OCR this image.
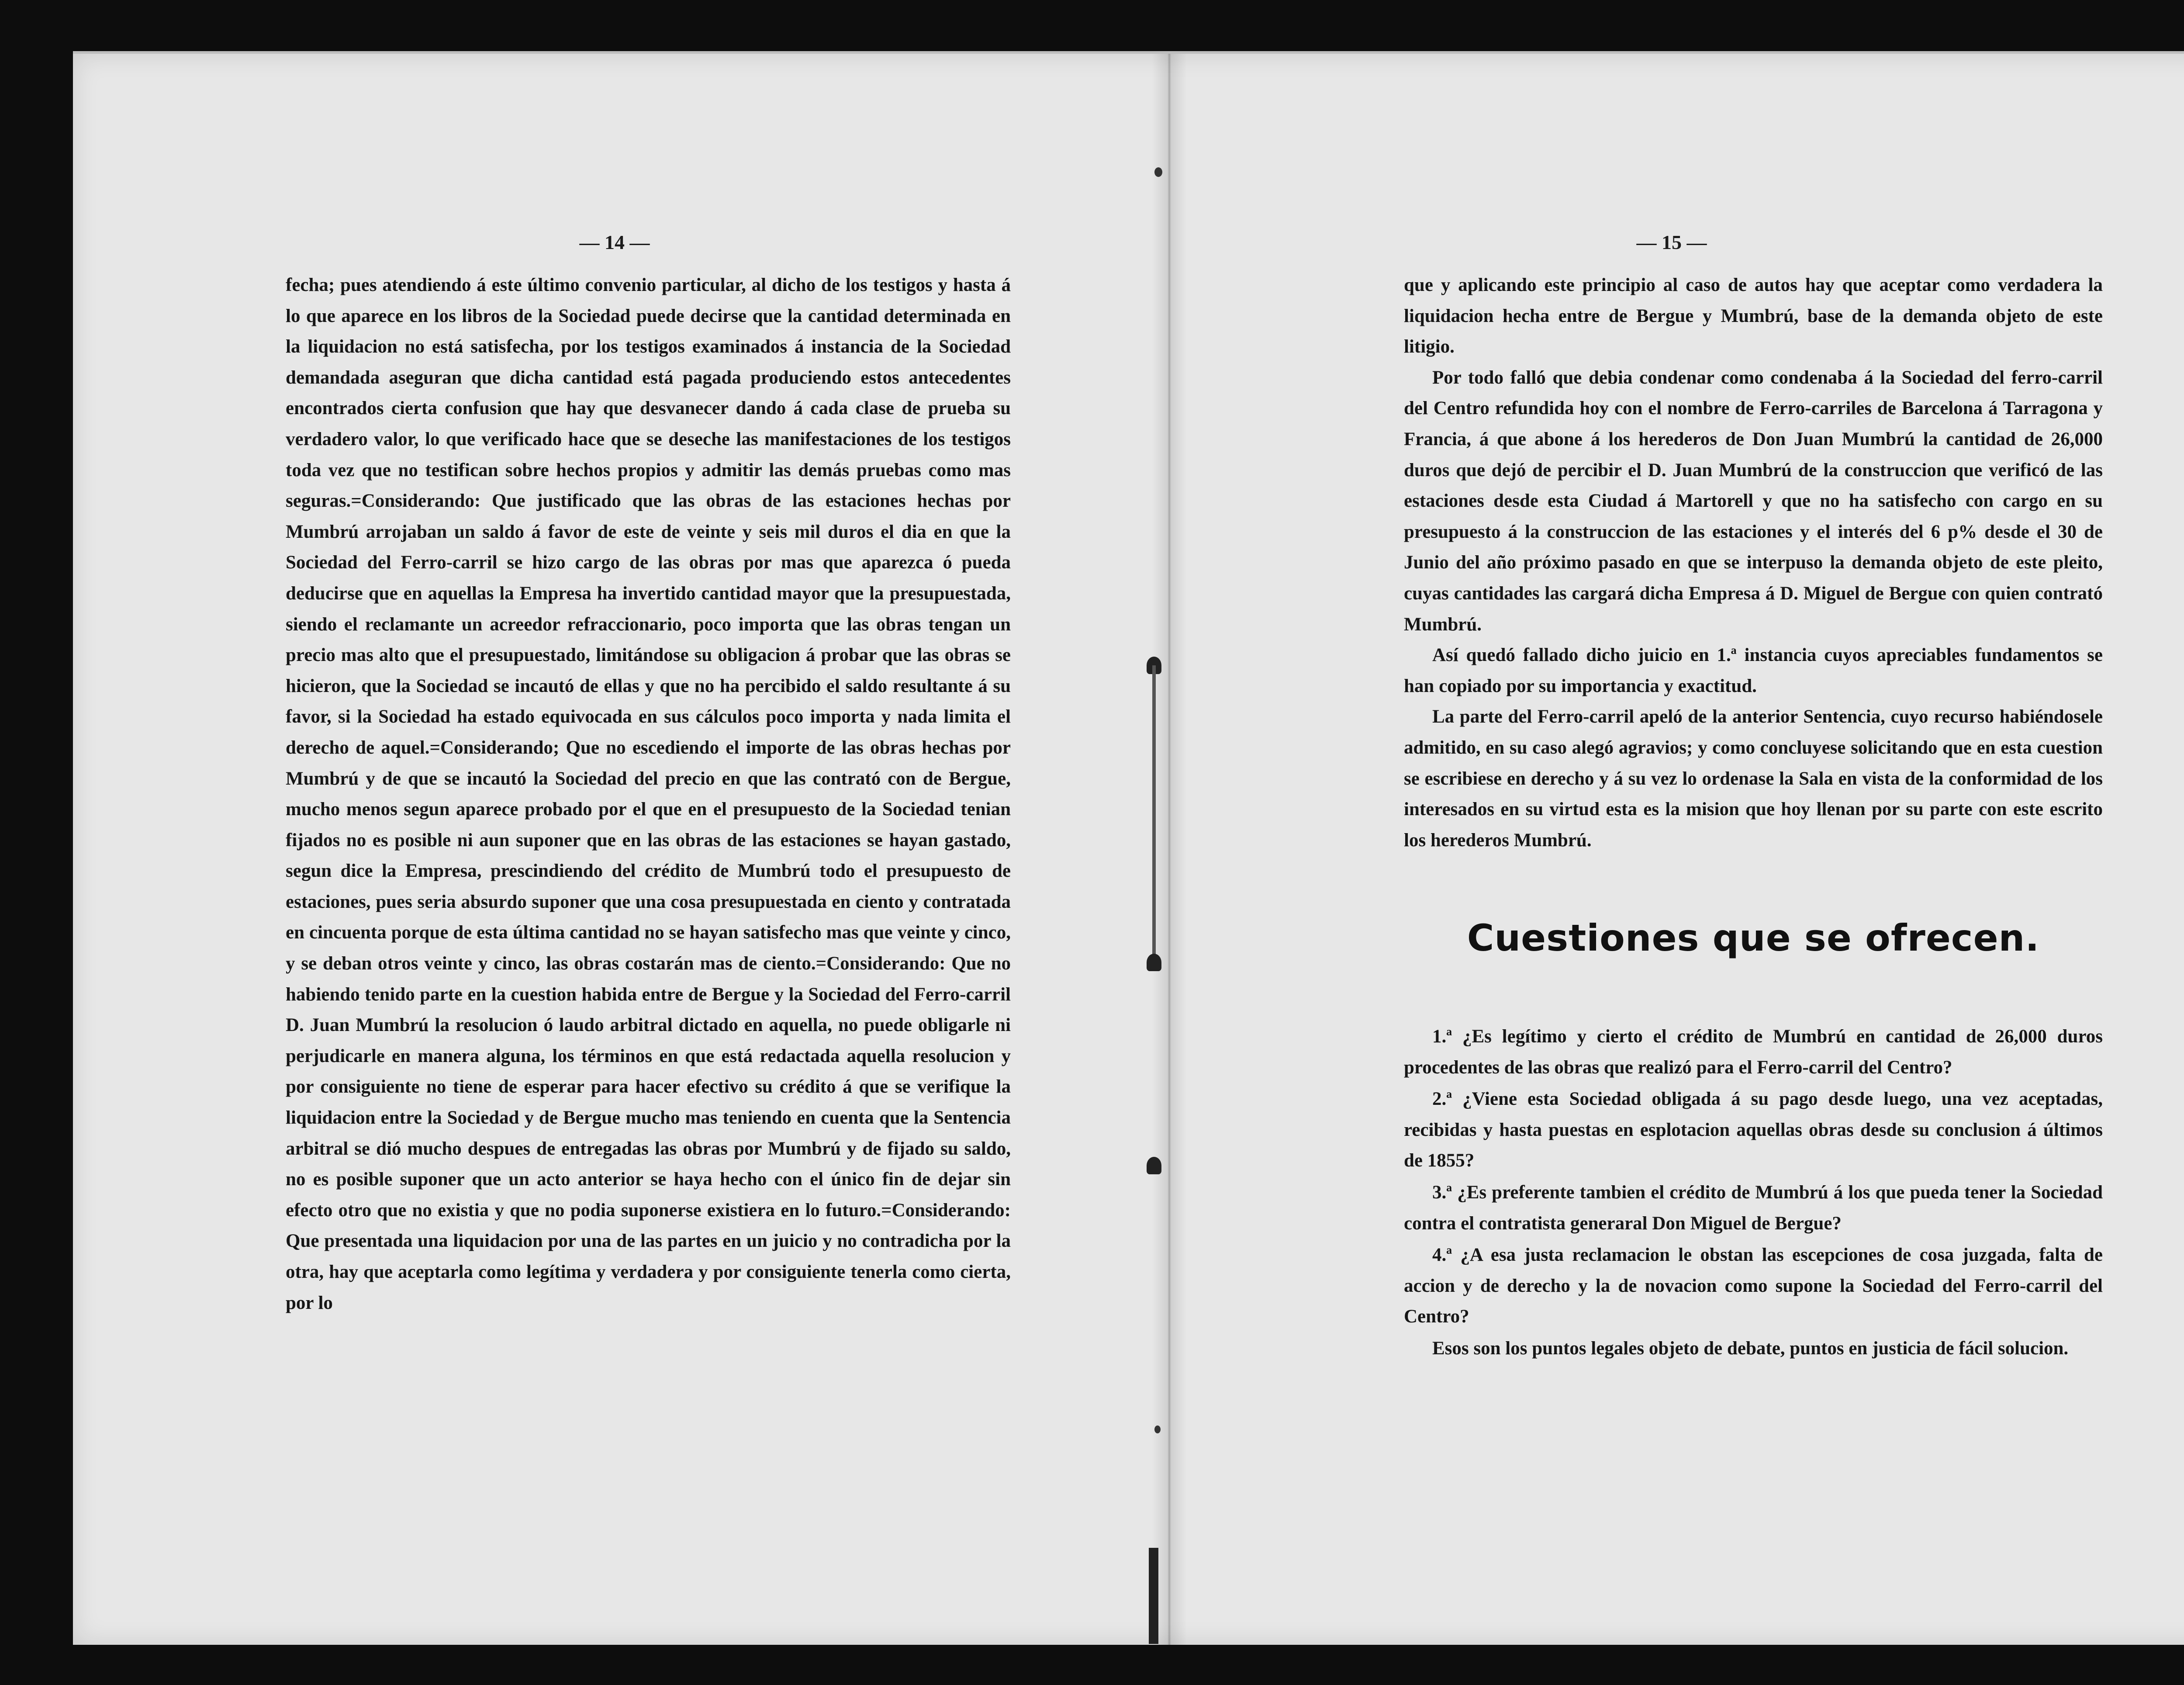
— 14 —

fecha; pues atendiendo á este último convenio particular, al dicho de los testigos y hasta á lo que aparece en los libros de la Sociedad puede decirse que la cantidad determinada en la liquidacion no está satisfecha, por los testigos examinados á instancia de la Sociedad demandada aseguran que dicha cantidad está pagada produciendo estos antecedentes encontrados cierta confusion que hay que desvanecer dando á cada clase de prueba su verdadero valor, lo que verificado hace que se deseche las manifestaciones de los testigos toda vez que no testifican sobre hechos propios y admitir las demás pruebas como mas seguras.=Considerando: Que justificado que las obras de las estaciones hechas por Mumbrú arrojaban un saldo á favor de este de veinte y seis mil duros el dia en que la Sociedad del Ferro-carril se hizo cargo de las obras por mas que aparezca ó pueda deducirse que en aquellas la Empresa ha invertido cantidad mayor que la presupuestada, siendo el reclamante un acreedor refraccionario, poco importa que las obras tengan un precio mas alto que el presupuestado, limitándose su obligacion á probar que las obras se hicieron, que la Sociedad se incautó de ellas y que no ha percibido el saldo resultante á su favor, si la Sociedad ha estado equivocada en sus cálculos poco importa y nada limita el derecho de aquel.=Considerando; Que no escediendo el importe de las obras hechas por Mumbrú y de que se incautó la Sociedad del precio en que las contrató con de Bergue, mucho menos segun aparece probado por el que en el presupuesto de la Sociedad tenian fijados no es posible ni aun suponer que en las obras de las estaciones se hayan gastado, segun dice la Empresa, prescindiendo del crédito de Mumbrú todo el presupuesto de estaciones, pues seria absurdo suponer que una cosa presupuestada en ciento y contratada en cincuenta porque de esta última cantidad no se hayan satisfecho mas que veinte y cinco, y se deban otros veinte y cinco, las obras costarán mas de ciento.=Considerando: Que no habiendo tenido parte en la cuestion habida entre de Bergue y la Sociedad del Ferro-carril D. Juan Mumbrú la resolucion ó laudo arbitral dictado en aquella, no puede obligarle ni perjudicarle en manera alguna, los términos en que está redactada aquella resolucion y por consiguiente no tiene de esperar para hacer efectivo su crédito á que se verifique la liquidacion entre la Sociedad y de Bergue mucho mas teniendo en cuenta que la Sentencia arbitral se dió mucho despues de entregadas las obras por Mumbrú y de fijado su saldo, no es posible suponer que un acto anterior se haya hecho con el único fin de dejar sin efecto otro que no existia y que no podia suponerse existiera en lo futuro.=Considerando: Que presentada una liquidacion por una de las partes en un juicio y no contradicha por la otra, hay que aceptarla como legítima y verdadera y por consiguiente tenerla como cierta, por lo

— 15 —

que y aplicando este principio al caso de autos hay que aceptar como verdadera la liquidacion hecha entre de Bergue y Mumbrú, base de la demanda objeto de este litigio.

Por todo falló que debia condenar como condenaba á la Sociedad del ferro-carril del Centro refundida hoy con el nombre de Ferro-carriles de Barcelona á Tarragona y Francia, á que abone á los herederos de Don Juan Mumbrú la cantidad de 26,000 duros que dejó de percibir el D. Juan Mumbrú de la construccion que verificó de las estaciones desde esta Ciudad á Martorell y que no ha satisfecho con cargo en su presupuesto á la construccion de las estaciones y el interés del 6 p% desde el 30 de Junio del año próximo pasado en que se interpuso la demanda objeto de este pleito, cuyas cantidades las cargará dicha Empresa á D. Miguel de Bergue con quien contrató Mumbrú.

Así quedó fallado dicho juicio en 1.ª instancia cuyos apreciables fundamentos se han copiado por su importancia y exactitud.

La parte del Ferro-carril apeló de la anterior Sentencia, cuyo recurso habiéndosele admitido, en su caso alegó agravios; y como concluyese solicitando que en esta cuestion se escribiese en derecho y á su vez lo ordenase la Sala en vista de la conformidad de los interesados en su virtud esta es la mision que hoy llenan por su parte con este escrito los herederos Mumbrú.

Cuestiones que se ofrecen.

1.ª ¿Es legítimo y cierto el crédito de Mumbrú en cantidad de 26,000 duros procedentes de las obras que realizó para el Ferro-carril del Centro?

2.ª ¿Viene esta Sociedad obligada á su pago desde luego, una vez aceptadas, recibidas y hasta puestas en esplotacion aquellas obras desde su conclusion á últimos de 1855?

3.ª ¿Es preferente tambien el crédito de Mumbrú á los que pueda tener la Sociedad contra el contratista generaral Don Miguel de Bergue?

4.ª ¿A esa justa reclamacion le obstan las escepciones de cosa juzgada, falta de accion y de derecho y la de novacion como supone la Sociedad del Ferro-carril del Centro?

Esos son los puntos legales objeto de debate, puntos en justicia de fácil solucion.
